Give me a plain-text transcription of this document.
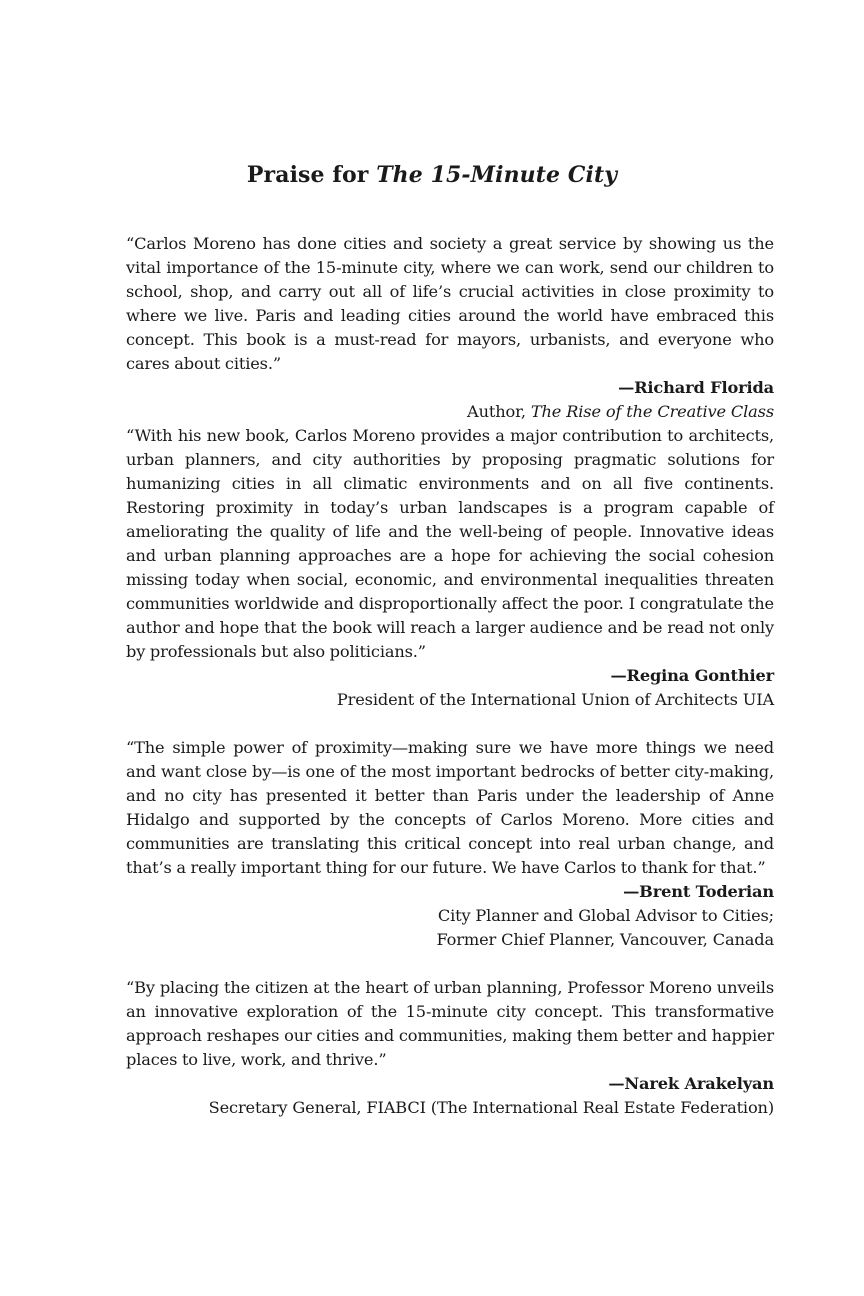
Praise for The 15-Minute City

“Carlos Moreno has done cities and society a great service by showing us the vital importance of the 15-minute city, where we can work, send our children to school, shop, and carry out all of life’s crucial activities in close proximity to where we live. Paris and leading cities around the world have embraced this concept. This book is a must-read for mayors, urbanists, and everyone who cares about cities.”

—Richard Florida

Author, The Rise of the Creative Class

“With his new book, Carlos Moreno provides a major contribution to architects, urban planners, and city authorities by proposing pragmatic solutions for humanizing cities in all climatic environments and on all five continents. Restoring proximity in today’s urban landscapes is a program capable of ameliorating the quality of life and the well-being of people. Innovative ideas and urban planning approaches are a hope for achieving the social cohesion missing today when social, economic, and environmental inequalities threaten communities worldwide and disproportionally affect the poor. I congratulate the author and hope that the book will reach a larger audience and be read not only by professionals but also politicians.”

—Regina Gonthier

President of the International Union of Architects UIA

“The simple power of proximity—making sure we have more things we need and want close by—is one of the most important bedrocks of better city-making, and no city has presented it better than Paris under the leadership of Anne Hidalgo and supported by the concepts of Carlos Moreno. More cities and communities are translating this critical concept into real urban change, and that’s a really important thing for our future. We have Carlos to thank for that.”

—Brent Toderian

City Planner and Global Advisor to Cities;

Former Chief Planner, Vancouver, Canada

“By placing the citizen at the heart of urban planning, Professor Moreno unveils an innovative exploration of the 15-minute city concept. This transformative approach reshapes our cities and communities, making them better and happier places to live, work, and thrive.”

—Narek Arakelyan

Secretary General, FIABCI (The International Real Estate Federation)
